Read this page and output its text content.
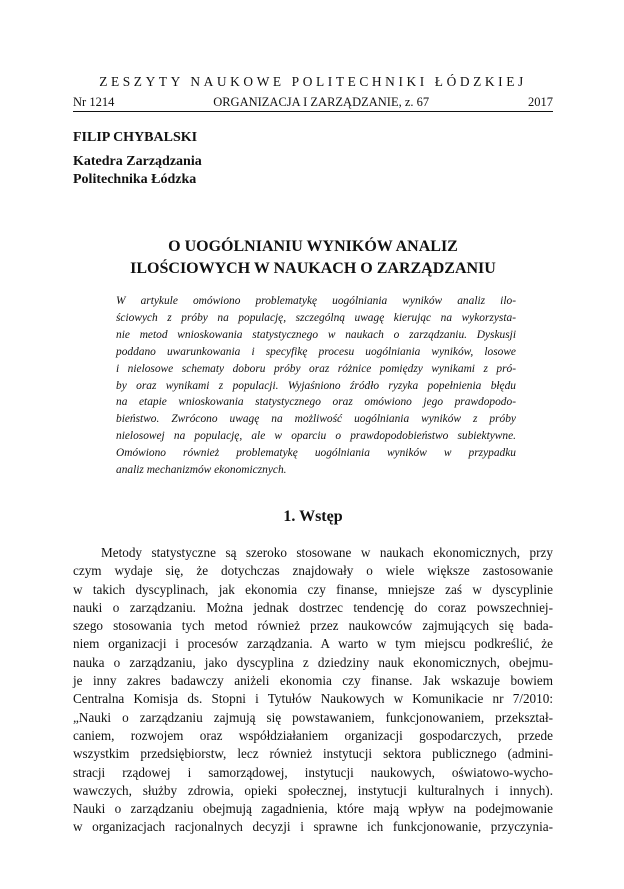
ZESZYTY NAUKOWE POLITECHNIKI ŁÓDZKIEJ
Nr 1214	ORGANIZACJA I ZARZĄDZANIE, z. 67	2017
FILIP CHYBALSKI
Katedra Zarządzania
Politechnika Łódzka
O UOGÓLNIANIU WYNIKÓW ANALIZ
ILOŚCIOWYCH W NAUKACH O ZARZĄDZANIU
W artykule omówiono problematykę uogólniania wyników analiz ilo-
ściowych z próby na populację, szczególną uwagę kierując na wykorzysta-
nie metod wnioskowania statystycznego w naukach o zarządzaniu. Dyskusji
poddano uwarunkowania i specyfikę procesu uogólniania wyników, losowe
i nielosowe schematy doboru próby oraz różnice pomiędzy wynikami z pró-
by oraz wynikami z populacji. Wyjaśniono źródło ryzyka popełnienia błędu
na etapie wnioskowania statystycznego oraz omówiono jego prawdopodo-
bieństwo. Zwrócono uwagę na możliwość uogólniania wyników z próby
nielosowej na populację, ale w oparciu o prawdopodobieństwo subiektywne.
Omówiono również problematykę uogólniania wyników w przypadku
analiz mechanizmów ekonomicznych.
1. Wstęp
Metody statystyczne są szeroko stosowane w naukach ekonomicznych, przy
czym wydaje się, że dotychczas znajdowały o wiele większe zastosowanie
w takich dyscyplinach, jak ekonomia czy finanse, mniejsze zaś w dyscyplinie
nauki o zarządzaniu. Można jednak dostrzec tendencję do coraz powszechniej-
szego stosowania tych metod również przez naukowców zajmujących się bada-
niem organizacji i procesów zarządzania. A warto w tym miejscu podkreślić, że
nauka o zarządzaniu, jako dyscyplina z dziedziny nauk ekonomicznych, obejmu-
je inny zakres badawczy aniżeli ekonomia czy finanse. Jak wskazuje bowiem
Centralna Komisja ds. Stopni i Tytułów Naukowych w Komunikacie nr 7/2010:
„Nauki o zarządzaniu zajmują się powstawaniem, funkcjonowaniem, przekształ-
caniem, rozwojem oraz współdziałaniem organizacji gospodarczych, przede
wszystkim przedsiębiorstw, lecz również instytucji sektora publicznego (admini-
stracji rządowej i samorządowej, instytucji naukowych, oświatowo-wycho-
wawczych, służby zdrowia, opieki społecznej, instytucji kulturalnych i innych).
Nauki o zarządzaniu obejmują zagadnienia, które mają wpływ na podejmowanie
w organizacjach racjonalnych decyzji i sprawne ich funkcjonowanie, przyczynia-
